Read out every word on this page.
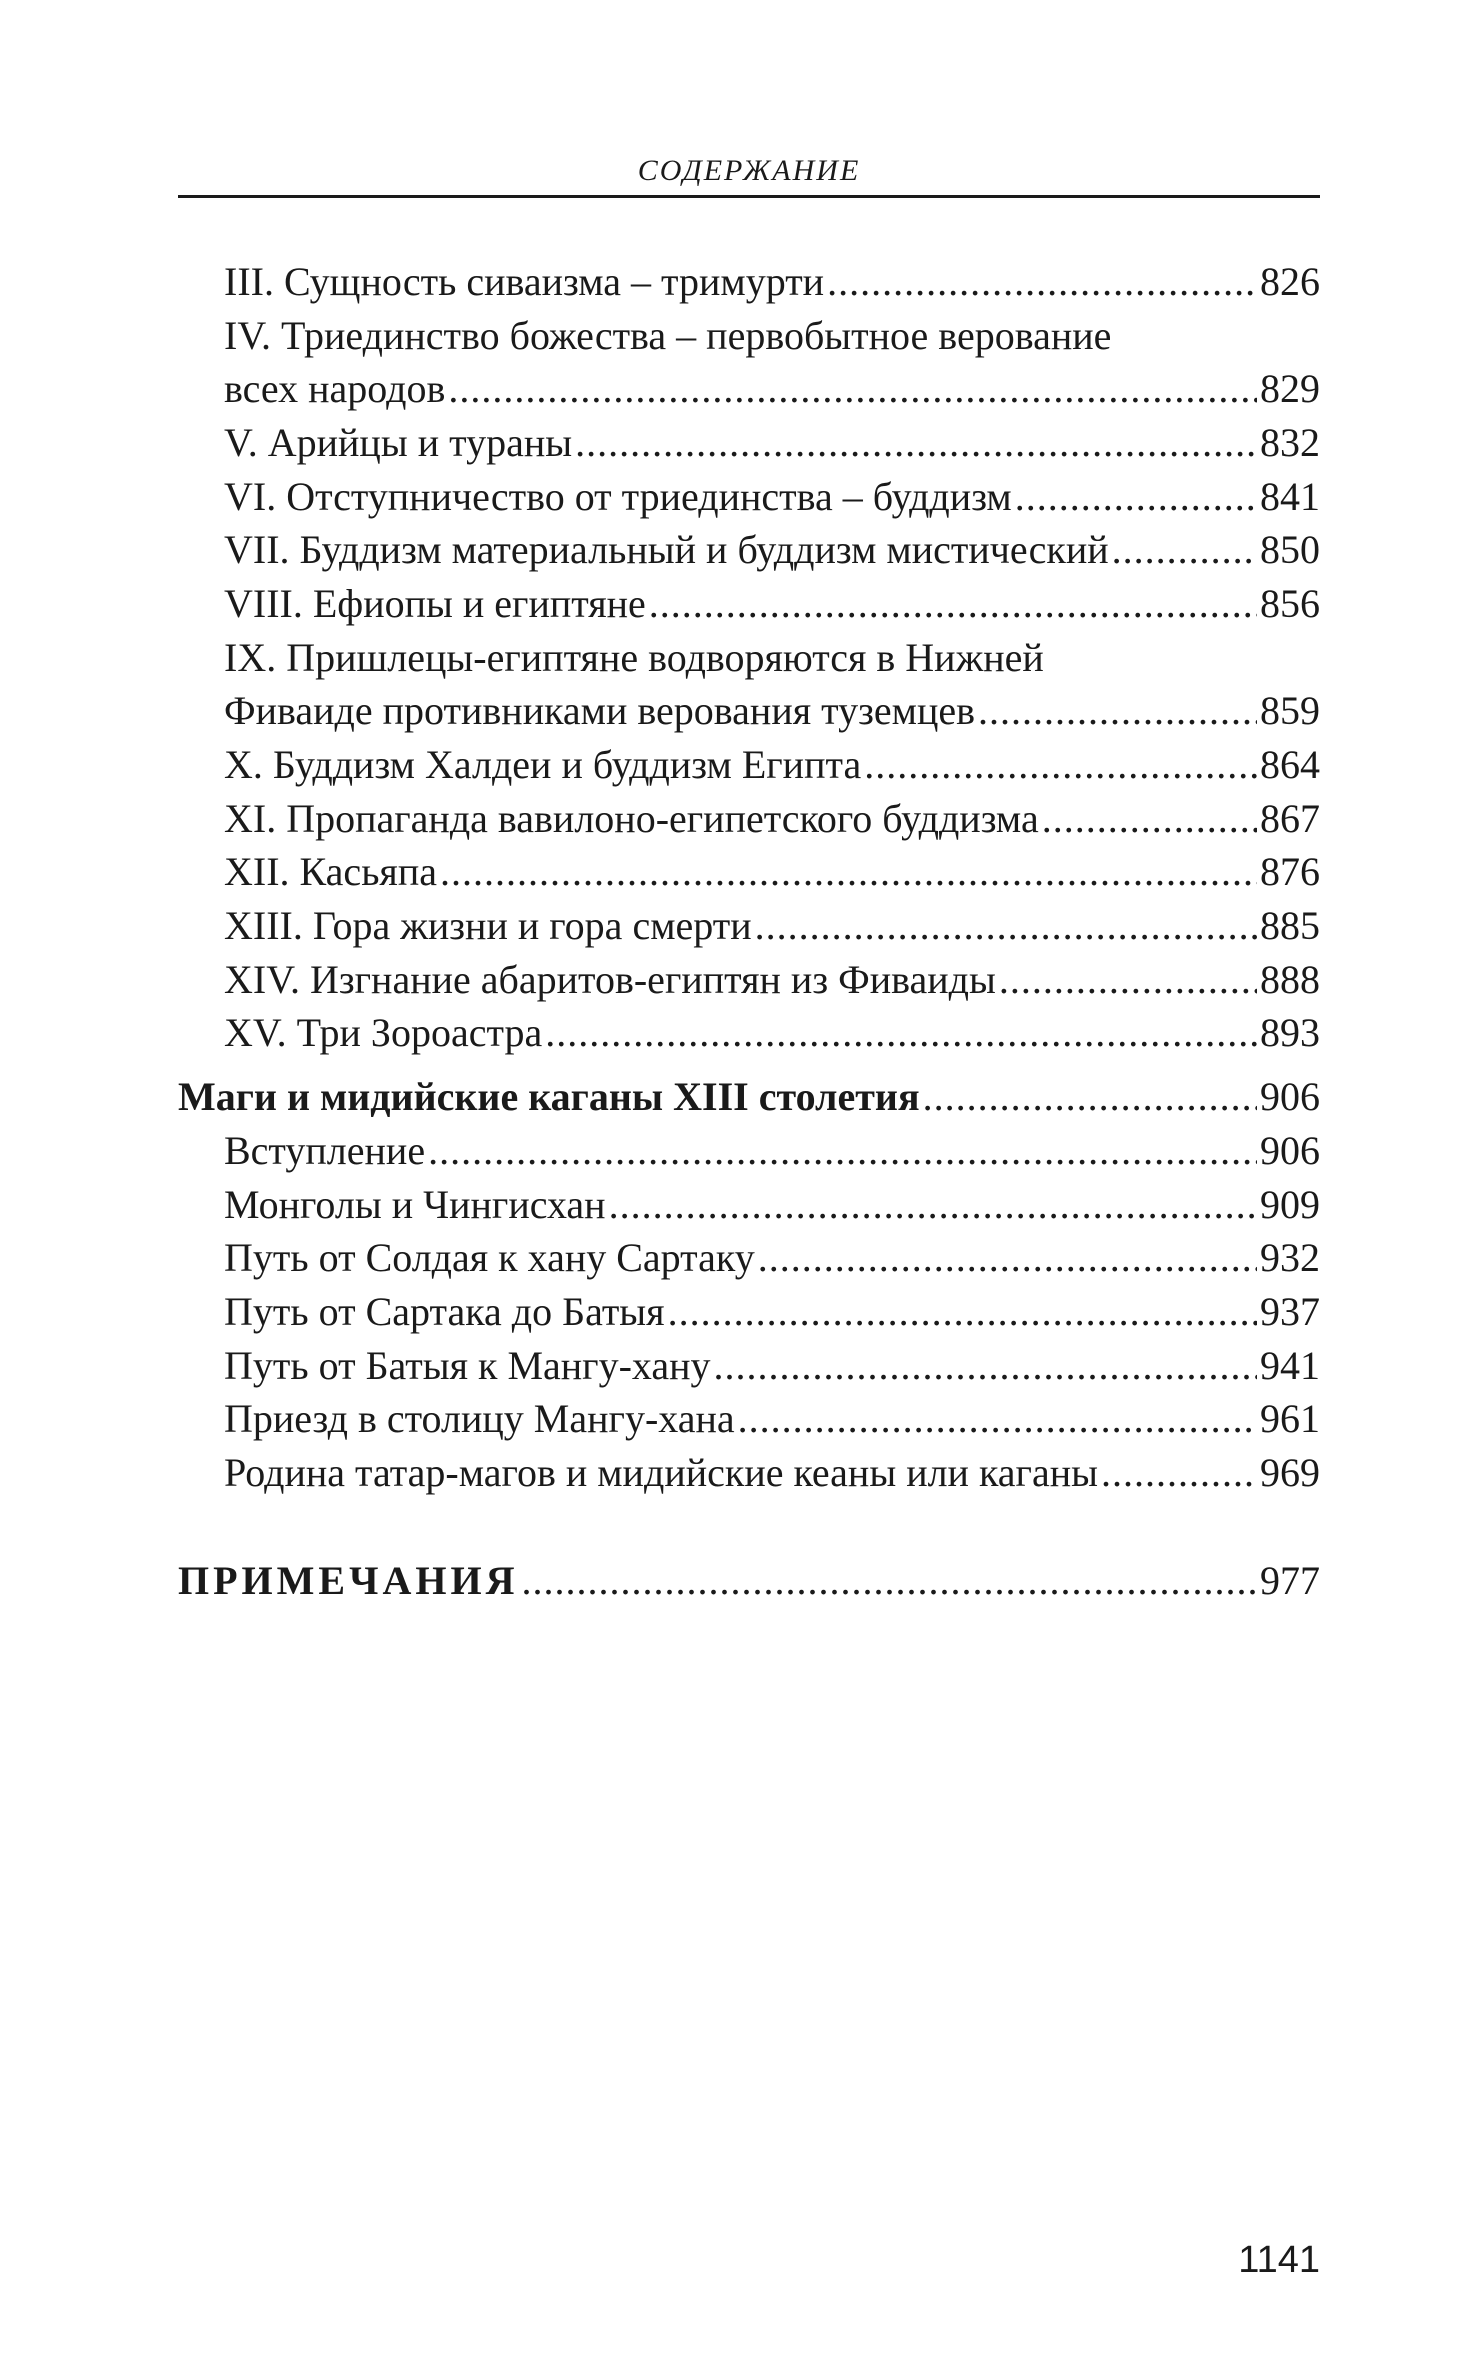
СОДЕРЖАНИЕ
III. Сущность сиваизма – тримурти .....	826
IV. Триединство божества – первобытное верование
всех народов .....	829
V. Арийцы и тураны .....	832
VI. Отступничество от триединства – буддизм .....	841
VII. Буддизм материальный и буддизм мистический .....	850
VIII. Ефиопы и египтяне .....	856
IX. Пришлецы-египтяне водворяются в Нижней
Фиваиде противниками верования туземцев .....	859
X. Буддизм Халдеи и буддизм Египта .....	864
XI. Пропаганда вавилоно-египетского буддизма .....	867
XII. Касьяпа .....	876
XIII. Гора жизни и гора смерти .....	885
XIV. Изгнание абаритов-египтян из Фиваиды .....	888
XV. Три Зороастра .....	893
Маги и мидийские каганы XIII столетия .....	906
Вступление .....	906
Монголы и Чингисхан .....	909
Путь от Солдая к хану Сартаку .....	932
Путь от Сартака до Батыя .....	937
Путь от Батыя к Мангу-хану .....	941
Приезд в столицу Мангу-хана .....	961
Родина татар-магов и мидийские кеаны или каганы .....	969
ПРИМЕЧАНИЯ .....	977
1141
